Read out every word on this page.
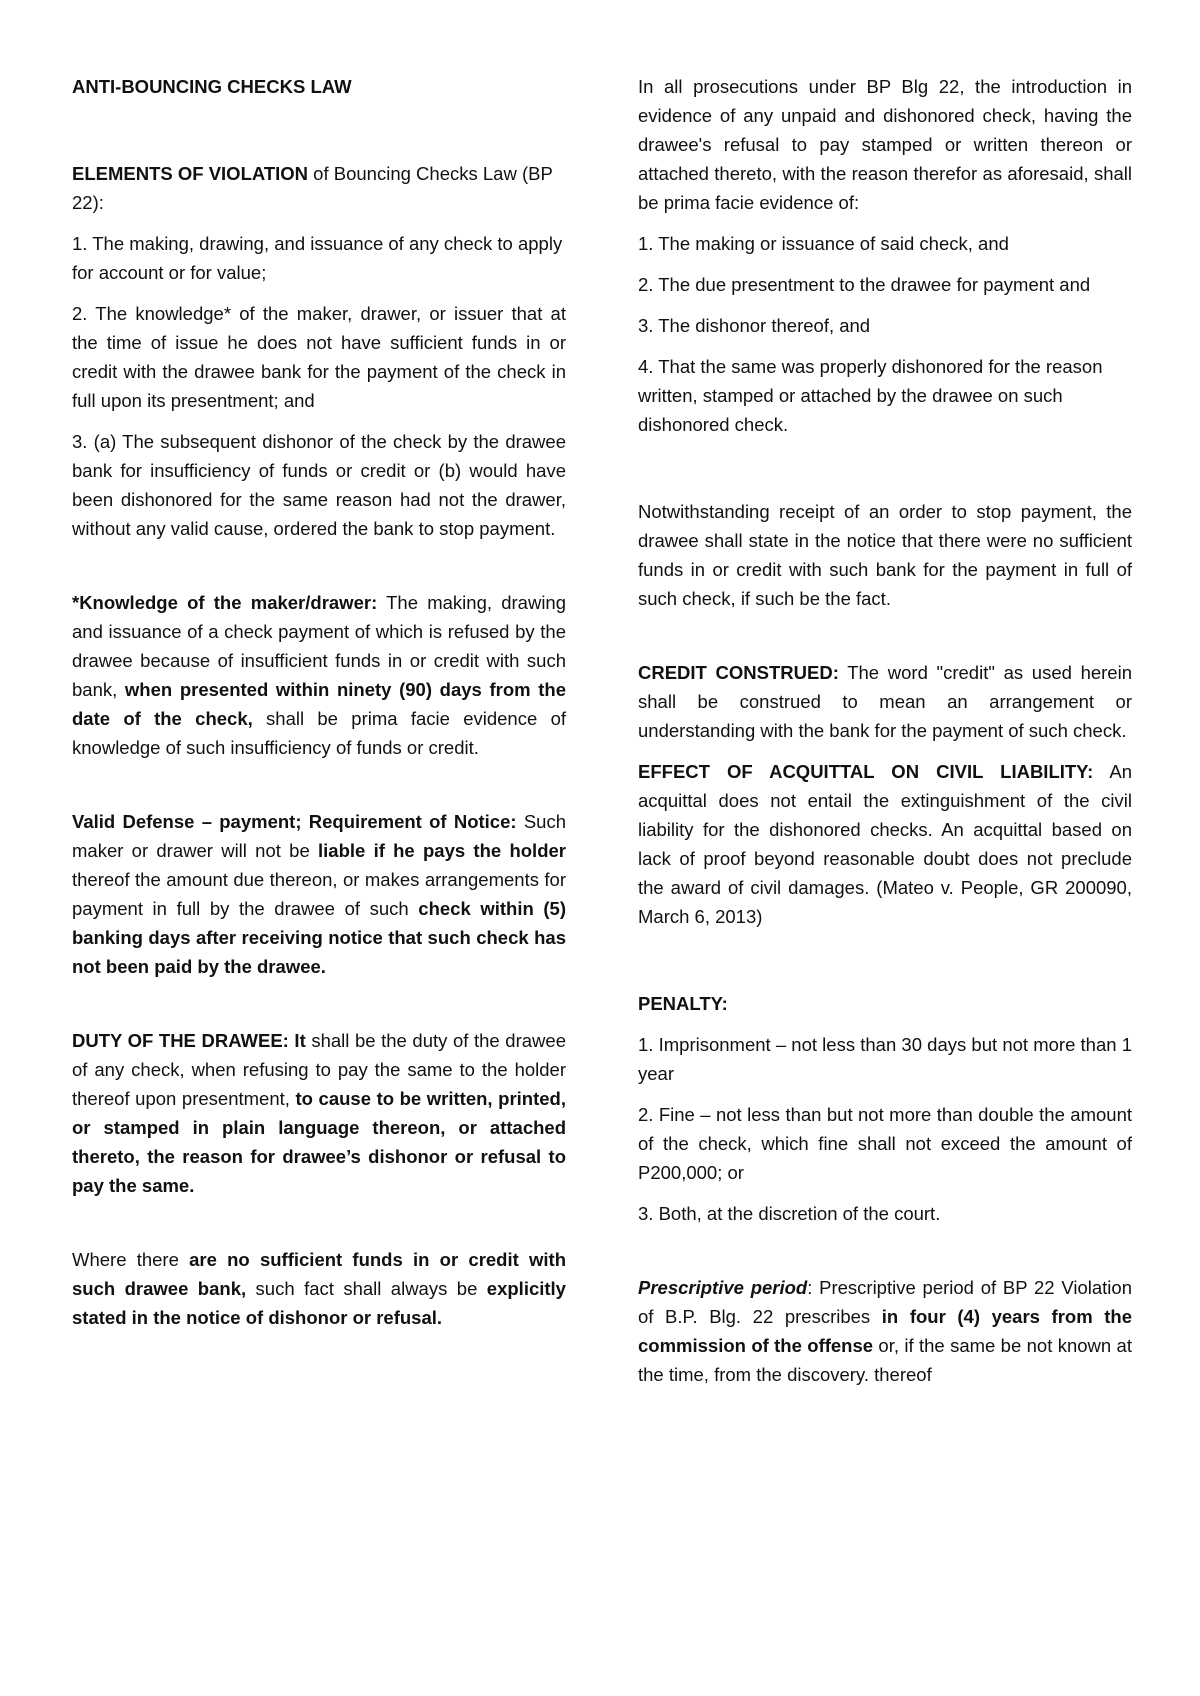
ANTI-BOUNCING CHECKS LAW

ELEMENTS OF VIOLATION of Bouncing Checks Law (BP 22):

1. The making, drawing, and issuance of any check to apply for account or for value;

2. The knowledge* of the maker, drawer, or issuer that at the time of issue he does not have sufficient funds in or credit with the drawee bank for the payment of the check in full upon its presentment; and

3. (a) The subsequent dishonor of the check by the drawee bank for insufficiency of funds or credit or (b) would have been dishonored for the same reason had not the drawer, without any valid cause, ordered the bank to stop payment.

*Knowledge of the maker/drawer: The making, drawing and issuance of a check payment of which is refused by the drawee because of insufficient funds in or credit with such bank, when presented within ninety (90) days from the date of the check, shall be prima facie evidence of knowledge of such insufficiency of funds or credit.

Valid Defense – payment; Requirement of Notice: Such maker or drawer will not be liable if he pays the holder thereof the amount due thereon, or makes arrangements for payment in full by the drawee of such check within (5) banking days after receiving notice that such check has not been paid by the drawee.

DUTY OF THE DRAWEE: It shall be the duty of the drawee of any check, when refusing to pay the same to the holder thereof upon presentment, to cause to be written, printed, or stamped in plain language thereon, or attached thereto, the reason for drawee’s dishonor or refusal to pay the same.

Where there are no sufficient funds in or credit with such drawee bank, such fact shall always be explicitly stated in the notice of dishonor or refusal.

In all prosecutions under BP Blg 22, the introduction in evidence of any unpaid and dishonored check, having the drawee's refusal to pay stamped or written thereon or attached thereto, with the reason therefor as aforesaid, shall be prima facie evidence of:

1. The making or issuance of said check, and

2. The due presentment to the drawee for payment and

3. The dishonor thereof, and

4. That the same was properly dishonored for the reason written, stamped or attached by the drawee on such dishonored check.

Notwithstanding receipt of an order to stop payment, the drawee shall state in the notice that there were no sufficient funds in or credit with such bank for the payment in full of such check, if such be the fact.

CREDIT CONSTRUED: The word "credit" as used herein shall be construed to mean an arrangement or understanding with the bank for the payment of such check.

EFFECT OF ACQUITTAL ON CIVIL LIABILITY: An acquittal does not entail the extinguishment of the civil liability for the dishonored checks. An acquittal based on lack of proof beyond reasonable doubt does not preclude the award of civil damages. (Mateo v. People, GR 200090, March 6, 2013)

PENALTY:

1. Imprisonment – not less than 30 days but not more than 1 year

2. Fine – not less than but not more than double the amount of the check, which fine shall not exceed the amount of P200,000; or

3. Both, at the discretion of the court.

Prescriptive period: Prescriptive period of BP 22 Violation of B.P. Blg. 22 prescribes in four (4) years from the commission of the offense or, if the same be not known at the time, from the discovery. thereof
